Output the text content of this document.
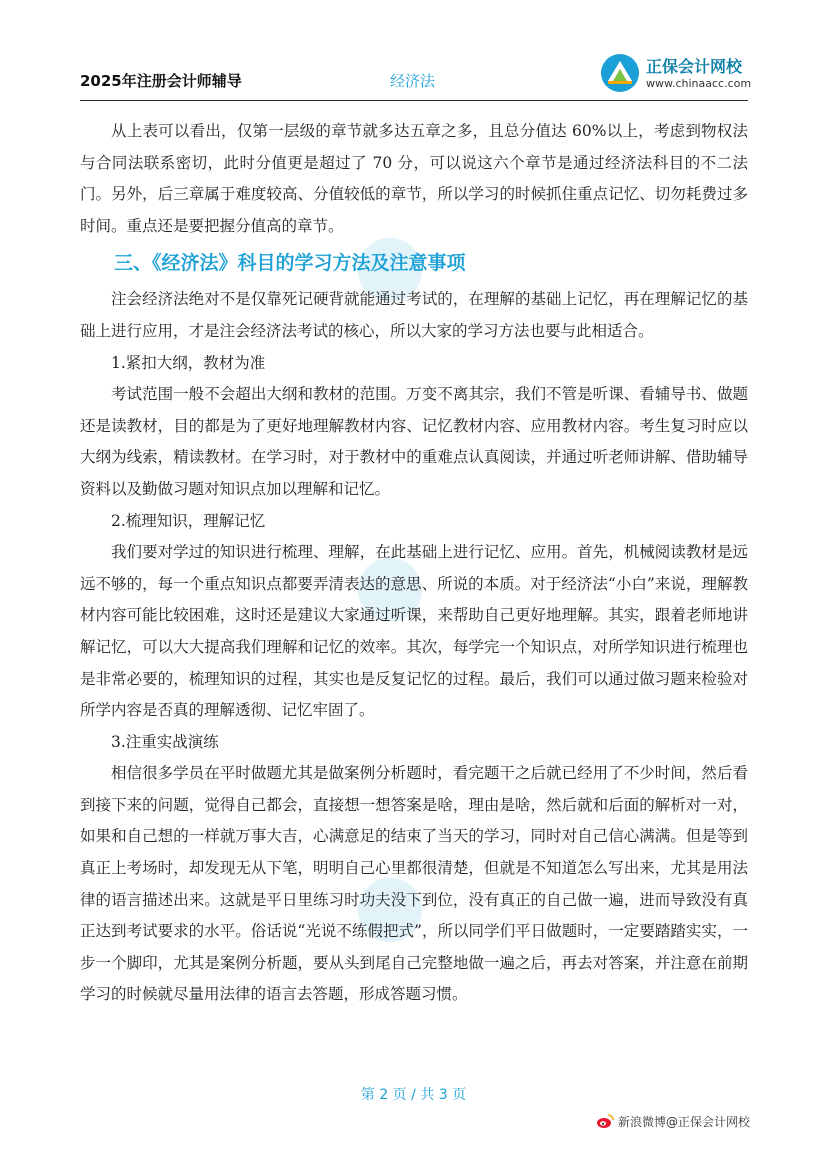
2025年注册会计师辅导	经济法
正保会计网校
www.chinaacc.com

从上表可以看出，仅第一层级的章节就多达五章之多，且总分值达 60%以上，考虑到物权法与合同法联系密切，此时分值更是超过了 70 分，可以说这六个章节是通过经济法科目的不二法门。另外，后三章属于难度较高、分值较低的章节，所以学习的时候抓住重点记忆、切勿耗费过多时间。重点还是要把握分值高的章节。

三、《经济法》科目的学习方法及注意事项

注会经济法绝对不是仅靠死记硬背就能通过考试的，在理解的基础上记忆，再在理解记忆的基础上进行应用，才是注会经济法考试的核心，所以大家的学习方法也要与此相适合。

1.紧扣大纲，教材为准

考试范围一般不会超出大纲和教材的范围。万变不离其宗，我们不管是听课、看辅导书、做题还是读教材，目的都是为了更好地理解教材内容、记忆教材内容、应用教材内容。考生复习时应以大纲为线索，精读教材。在学习时，对于教材中的重难点认真阅读，并通过听老师讲解、借助辅导资料以及勤做习题对知识点加以理解和记忆。

2.梳理知识，理解记忆

我们要对学过的知识进行梳理、理解，在此基础上进行记忆、应用。首先，机械阅读教材是远远不够的，每一个重点知识点都要弄清表达的意思、所说的本质。对于经济法“小白”来说，理解教材内容可能比较困难，这时还是建议大家通过听课，来帮助自己更好地理解。其实，跟着老师地讲解记忆，可以大大提高我们理解和记忆的效率。其次，每学完一个知识点，对所学知识进行梳理也是非常必要的，梳理知识的过程，其实也是反复记忆的过程。最后，我们可以通过做习题来检验对所学内容是否真的理解透彻、记忆牢固了。

3.注重实战演练

相信很多学员在平时做题尤其是做案例分析题时，看完题干之后就已经用了不少时间，然后看到接下来的问题，觉得自己都会，直接想一想答案是啥，理由是啥，然后就和后面的解析对一对，如果和自己想的一样就万事大吉，心满意足的结束了当天的学习，同时对自己信心满满。但是等到真正上考场时，却发现无从下笔，明明自己心里都很清楚，但就是不知道怎么写出来，尤其是用法律的语言描述出来。这就是平日里练习时功夫没下到位，没有真正的自己做一遍，进而导致没有真正达到考试要求的水平。俗话说“光说不练假把式”，所以同学们平日做题时，一定要踏踏实实，一步一个脚印，尤其是案例分析题，要从头到尾自己完整地做一遍之后，再去对答案，并注意在前期学习的时候就尽量用法律的语言去答题，形成答题习惯。

第 2 页 / 共 3 页
新浪微博@正保会计网校
